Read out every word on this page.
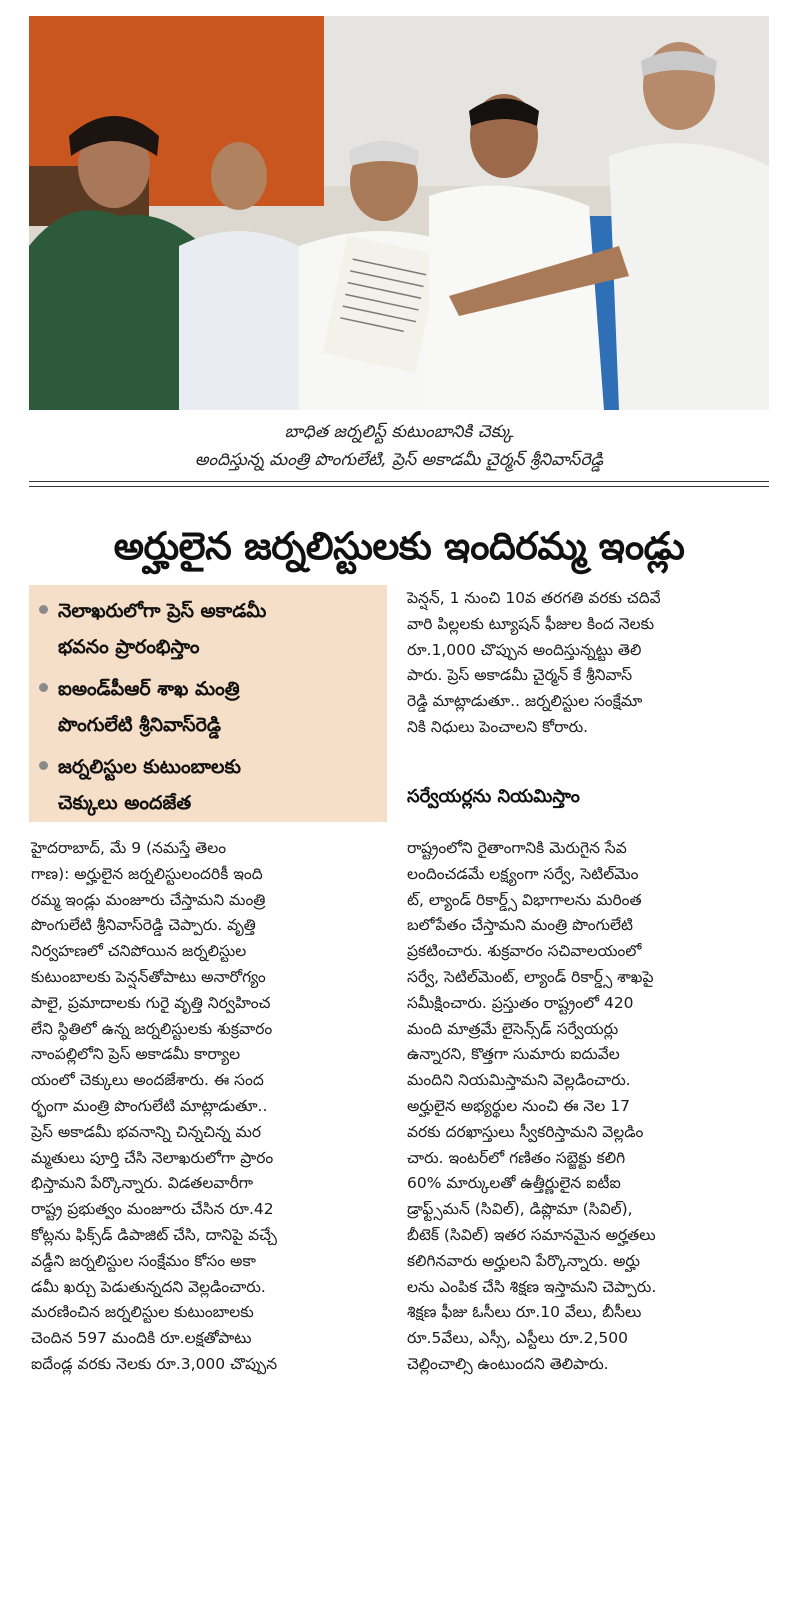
బాధిత జర్నలిస్ట్ కుటుంబానికి చెక్కు
అందిస్తున్న మంత్రి పొంగులేటి, ప్రెస్ అకాడమీ చైర్మన్ శ్రీనివాస్‌రెడ్డి
అర్హులైన జర్నలిస్టులకు ఇందిరమ్మ ఇండ్లు
నెలాఖరులోగా ప్రెస్ అకాడమీ
భవనం ప్రారంభిస్తాం
ఐఅండ్‌పీఆర్ శాఖ మంత్రి
పొంగులేటి శ్రీనివాస్‌రెడ్డి
జర్నలిస్టుల కుటుంబాలకు
చెక్కులు అందజేత
హైదరాబాద్, మే 9 (నమస్తే తెలం
గాణ): అర్హులైన జర్నలిస్టులందరికీ ఇంది
రమ్మ ఇండ్లు మంజూరు చేస్తామని మంత్రి
పొంగులేటి శ్రీనివాస్‌రెడ్డి చెప్పారు. వృత్తి
నిర్వహణలో చనిపోయిన జర్నలిస్టుల
కుటుంబాలకు పెన్షన్‌తోపాటు అనారోగ్యం
పాలై, ప్రమాదాలకు గురై వృత్తి నిర్వహించ
లేని స్థితిలో ఉన్న జర్నలిస్టులకు శుక్రవారం
నాంపల్లిలోని ప్రెస్ అకాడమీ కార్యాల
యంలో చెక్కులు అందజేశారు. ఈ సంద
ర్భంగా మంత్రి పొంగులేటి మాట్లాడుతూ..
ప్రెస్ అకాడమీ భవనాన్ని చిన్నచిన్న మర
మ్మతులు పూర్తి చేసి నెలాఖరులోగా ప్రారం
భిస్తామని పేర్కొన్నారు. విడతలవారీగా
రాష్ట్ర ప్రభుత్వం మంజూరు చేసిన రూ.42
కోట్లను ఫిక్స్‌డ్ డిపాజిట్ చేసి, దానిపై వచ్చే
వడ్డీని జర్నలిస్టుల సంక్షేమం కోసం అకా
డమీ ఖర్చు పెడుతున్నదని వెల్లడించారు.
మరణించిన జర్నలిస్టుల కుటుంబాలకు
చెందిన 597 మందికి రూ.లక్షతోపాటు
ఐదేండ్ల వరకు నెలకు రూ.3,000 చొప్పున
పెన్షన్, 1 నుంచి 10వ తరగతి వరకు చదివే
వారి పిల్లలకు ట్యూషన్ ఫీజుల కింద నెలకు
రూ.1,000 చొప్పున అందిస్తున్నట్టు తెలి
పారు. ప్రెస్ అకాడమీ చైర్మన్ కే శ్రీనివాస్
రెడ్డి మాట్లాడుతూ.. జర్నలిస్టుల సంక్షేమా
నికి నిధులు పెంచాలని కోరారు.
సర్వేయర్లను నియమిస్తాం
రాష్ట్రంలోని రైతాంగానికి మెరుగైన సేవ
లందించడమే లక్ష్యంగా సర్వే, సెటిల్‌మెం
ట్, ల్యాండ్ రికార్డ్స్ విభాగాలను మరింత
బలోపేతం చేస్తామని మంత్రి పొంగులేటి
ప్రకటించారు. శుక్రవారం సచివాలయంలో
సర్వే, సెటిల్‌మెంట్, ల్యాండ్ రికార్డ్స్ శాఖపై
సమీక్షించారు. ప్రస్తుతం రాష్ట్రంలో 420
మంది మాత్రమే లైసెన్స్‌డ్ సర్వేయర్లు
ఉన్నారని, కొత్తగా సుమారు ఐదువేల
మందిని నియమిస్తామని వెల్లడించారు.
అర్హులైన అభ్యర్థుల నుంచి ఈ నెల 17
వరకు దరఖాస్తులు స్వీకరిస్తామని వెల్లడిం
చారు. ఇంటర్‌లో గణితం సబ్జెక్టు కలిగి
60% మార్కులతో ఉత్తీర్ణులైన ఐటీఐ
డ్రాఫ్ట్స్‌మన్ (సివిల్), డిప్లొమా (సివిల్),
బీటెక్ (సివిల్) ఇతర సమానమైన అర్హతలు
కలిగినవారు అర్హులని పేర్కొన్నారు. అర్హు
లను ఎంపిక చేసి శిక్షణ ఇస్తామని చెప్పారు.
శిక్షణ ఫీజు ఓసీలు రూ.10 వేలు, బీసీలు
రూ.5వేలు, ఎస్సీ, ఎస్టీలు రూ.2,500
చెల్లించాల్సి ఉంటుందని తెలిపారు.
